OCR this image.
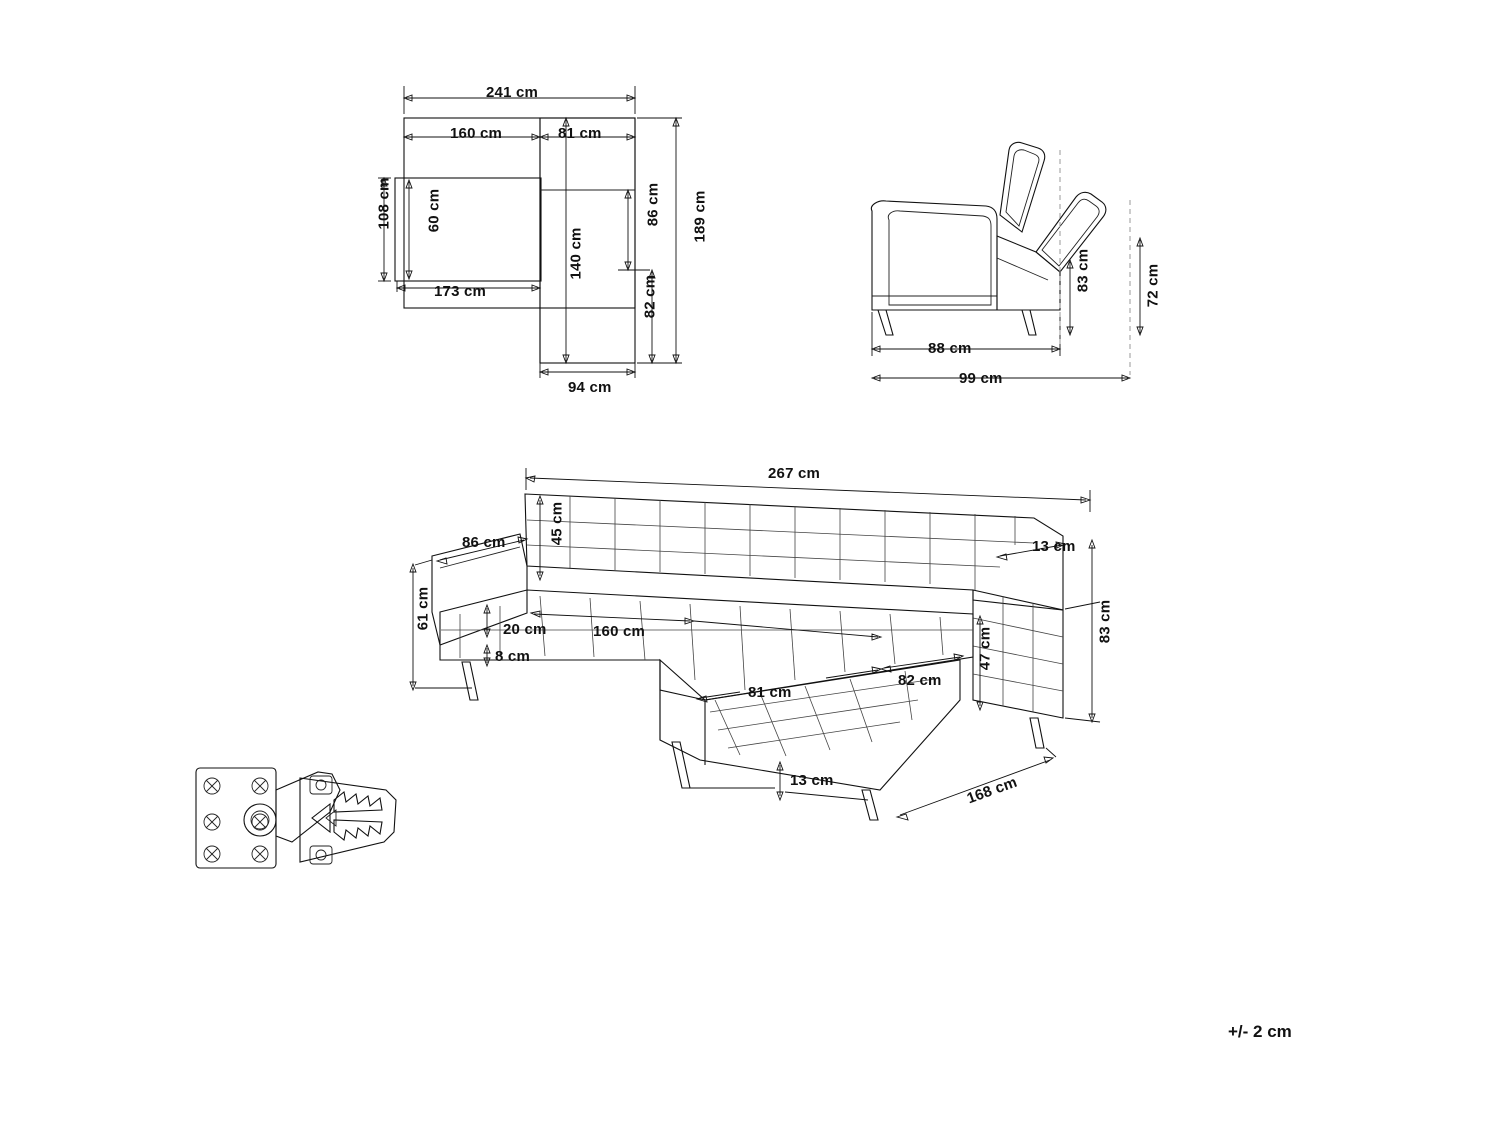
241 cm
160 cm	81 cm
108 cm 60 cm
173 cm
140 cm
94 cm
86 cm
82 cm
189 cm
88 cm
99 cm
83 cm	72 cm
267 cm
86 cm	45 cm
13 cm
61 cm	20 cm
8 cm
160 cm
81 cm
82 cm
47 cm
83 cm
13 cm	168 cm
+/- 2 cm
